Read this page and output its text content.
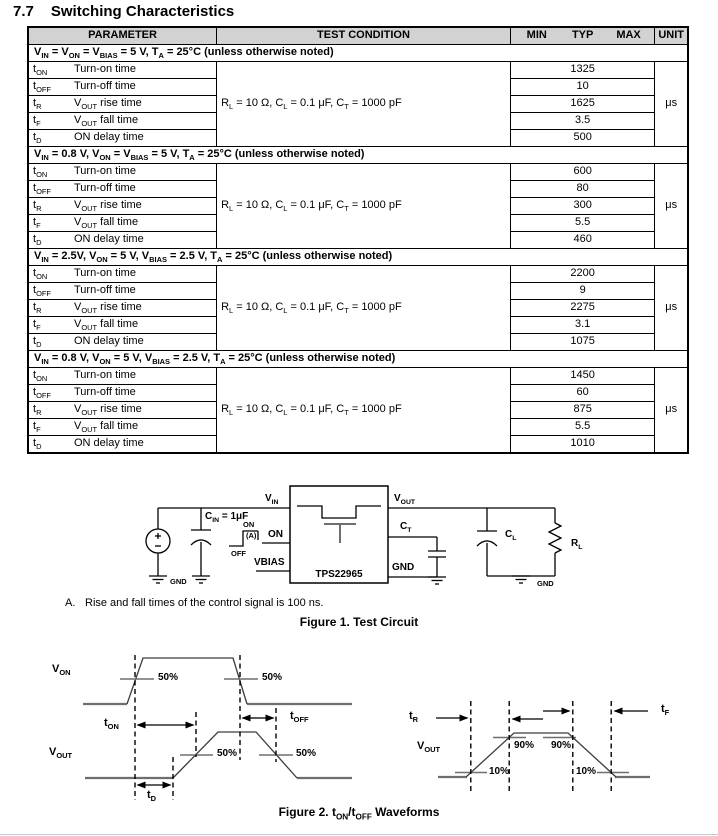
7.7 Switching Characteristics
PARAMETER	TEST CONDITION	MIN TYP MAX	UNIT
$V_{IN} = V_{ON} = V_{BIAS} = 5$ V, $T_A = 25^\circ C$ (unless otherwise noted)			
$t_{ON}$ Turn-on time	$R_L = 10$ Ω, $C_L = 0.1$ μF, $C_T = 1000$ pF	1325	μs
$t_{OFF}$ Turn-off time		10	
$t_R$ $V_{OUT}$ rise time		1625	
$t_F$ $V_{OUT}$ fall time		3.5	
$t_D$ ON delay time		500	
$V_{IN} = 0.8$ V, $V_{ON} = V_{BIAS} = 5$ V, $T_A = 25^\circ C$ (unless otherwise noted)			
$t_{ON}$ Turn-on time	$R_L = 10$ Ω, $C_L = 0.1$ μF, $C_T = 1000$ pF	600	μs
$t_{OFF}$ Turn-off time		80	
$t_R$ $V_{OUT}$ rise time		300	
$t_F$ $V_{OUT}$ fall time		5.5	
$t_D$ ON delay time		460	
$V_{IN} = 2.5V$, $V_{ON} = 5$ V, $V_{BIAS} = 2.5$ V, $T_A = 25^\circ C$ (unless otherwise noted)			
$t_{ON}$ Turn-on time	$R_L = 10$ Ω, $C_L = 0.1$ μF, $C_T = 1000$ pF	2200	μs
$t_{OFF}$ Turn-off time		9	
$t_R$ $V_{OUT}$ rise time		2275	
$t_F$ $V_{OUT}$ fall time		3.1	
$t_D$ ON delay time		1075	
$V_{IN} = 0.8$ V, $V_{ON} = 5$ V, $V_{BIAS} = 2.5$ V, $T_A = 25^\circ C$ (unless otherwise noted)			
$t_{ON}$ Turn-on time	$R_L = 10$ Ω, $C_L = 0.1$ μF, $C_T = 1000$ pF	1450	μs
$t_{OFF}$ Turn-off time		60	
$t_R$ $V_{OUT}$ rise time		875	
$t_F$ $V_{OUT}$ fall time		5.5	
$t_D$ ON delay time		1010	
$V_{IN}$
$C_{IN} = 1\mu F$
ON
(A)
OFF
ON
VBIAS
TPS22965
$V_{OUT}$
$C_T$
GND
$C_L$	$R_L$
GND	GND
A. Rise and fall times of the control signal is 100 ns.
Figure 1. Test Circuit
$V_{ON}$
$V_{OUT}$
50%	50%
50%	50%
$t_{ON}$
$t_{OFF}$
$t_D$
$t_R$
$t_F$
$V_{OUT}$	90% 90%
10%	10%
Figure 2. $t_{ON}/t_{OFF}$ Waveforms
